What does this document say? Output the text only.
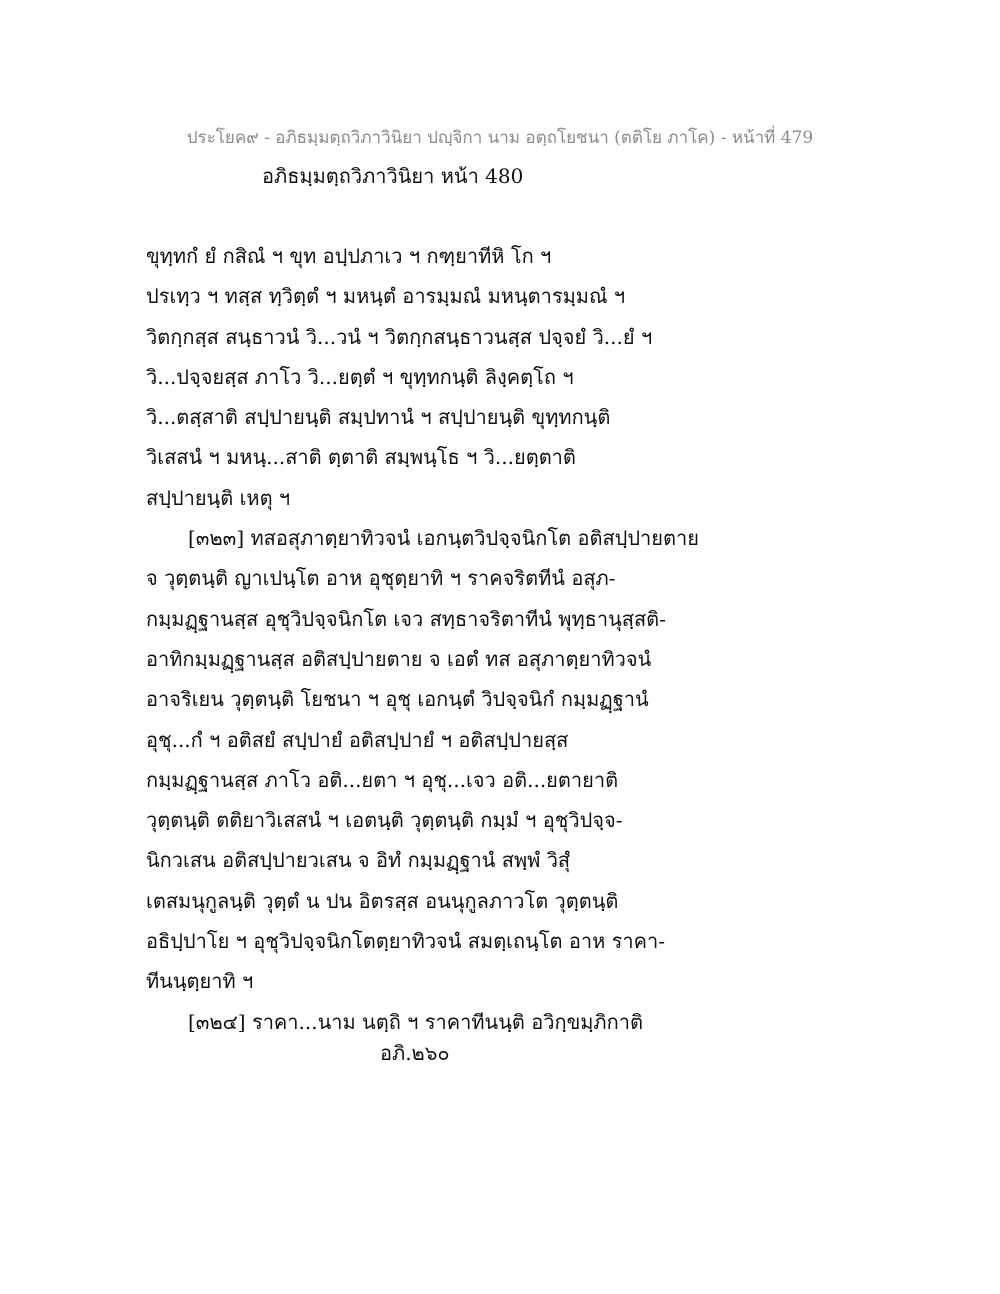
ประโยค๙ - อภิธมฺมตฺถวิภาวินิยา ปญฺจิกา นาม อตฺถโยชนา (ตติโย ภาโค) - หน้าที่ 479
อภิธมฺมตฺถวิภาวินิยา หน้า 480
ขุทฺทกํ ยํ กสิณํ ฯ ขุท อปฺปภาเว ฯ กฑฺยาทีหิ โก ฯ
ปรเทฺว ฯ ทสฺส ทฺวิตฺตํ ฯ มหนฺตํ อารมฺมณํ มหนฺตารมฺมณํ ฯ
วิตกฺกสฺส สนฺธาวนํ วิ...วนํ ฯ วิตกฺกสนฺธาวนสฺส ปจฺจยํ วิ...ยํ ฯ
วิ...ปจฺจยสฺส ภาโว วิ...ยตฺตํ ฯ ขุทฺทกนฺติ ลิงฺคตฺโถ ฯ
วิ...ตสฺสาติ สปฺปายนฺติ สมฺปทานํ ฯ สปฺปายนฺติ ขุทฺทกนฺติ
วิเสสนํ ฯ มหนฺ...สาติ ตฺตาติ สมฺพนฺโธ ฯ วิ...ยตฺตาติ
สปฺปายนฺติ เหตุ ฯ
[๓๒๓] ทสอสุภาตฺยาทิวจนํ เอกนฺตวิปจฺจนิกโต อติสปฺปายตาย
จ วุตฺตนฺติ ญาเปนฺโต อาห อุชุตฺยาทิ ฯ ราคจริตทีนํ อสุภ-
กมฺมฏฺฐานสฺส อุชุวิปจฺจนิกโต เจว สทฺธาจริตาทีนํ พุทฺธานุสฺสติ-
อาทิกมฺมฏฺฐานสฺส อติสปฺปายตาย จ เอตํ ทส อสุภาตฺยาทิวจนํ
อาจริเยน วุตฺตนฺติ โยชนา ฯ อุชุ เอกนฺตํ วิปจฺจนิกํ กมฺมฏฺฐานํ
อุชุ...กํ ฯ อติสยํ สปฺปายํ อติสปฺปายํ ฯ อติสปฺปายสฺส
กมฺมฏฺฐานสฺส ภาโว อติ...ยตา ฯ อุชุ...เจว อติ...ยตายาติ
วุตฺตนฺติ ตติยาวิเสสนํ ฯ เอตนฺติ วุตฺตนฺติ กมฺมํ ฯ อุชุวิปจฺจ-
นิกวเสน อติสปฺปายวเสน จ อิทํ กมฺมฏฺฐานํ สพฺพํ วิสุํ
เตสมนุกูลนฺติ วุตฺตํ น ปน อิตรสฺส อนนุกูลภาวโต วุตฺตนฺติ
อธิปฺปาโย ฯ อุชุวิปจฺจนิกโตตฺยาทิวจนํ สมตฺเถนฺโต อาห ราคา-
ทีนนฺตฺยาทิ ฯ
[๓๒๔] ราคา...นาม นตฺถิ ฯ ราคาทีนนฺติ อวิกฺขมฺภิกาติ
อภิ.๒๖๐
